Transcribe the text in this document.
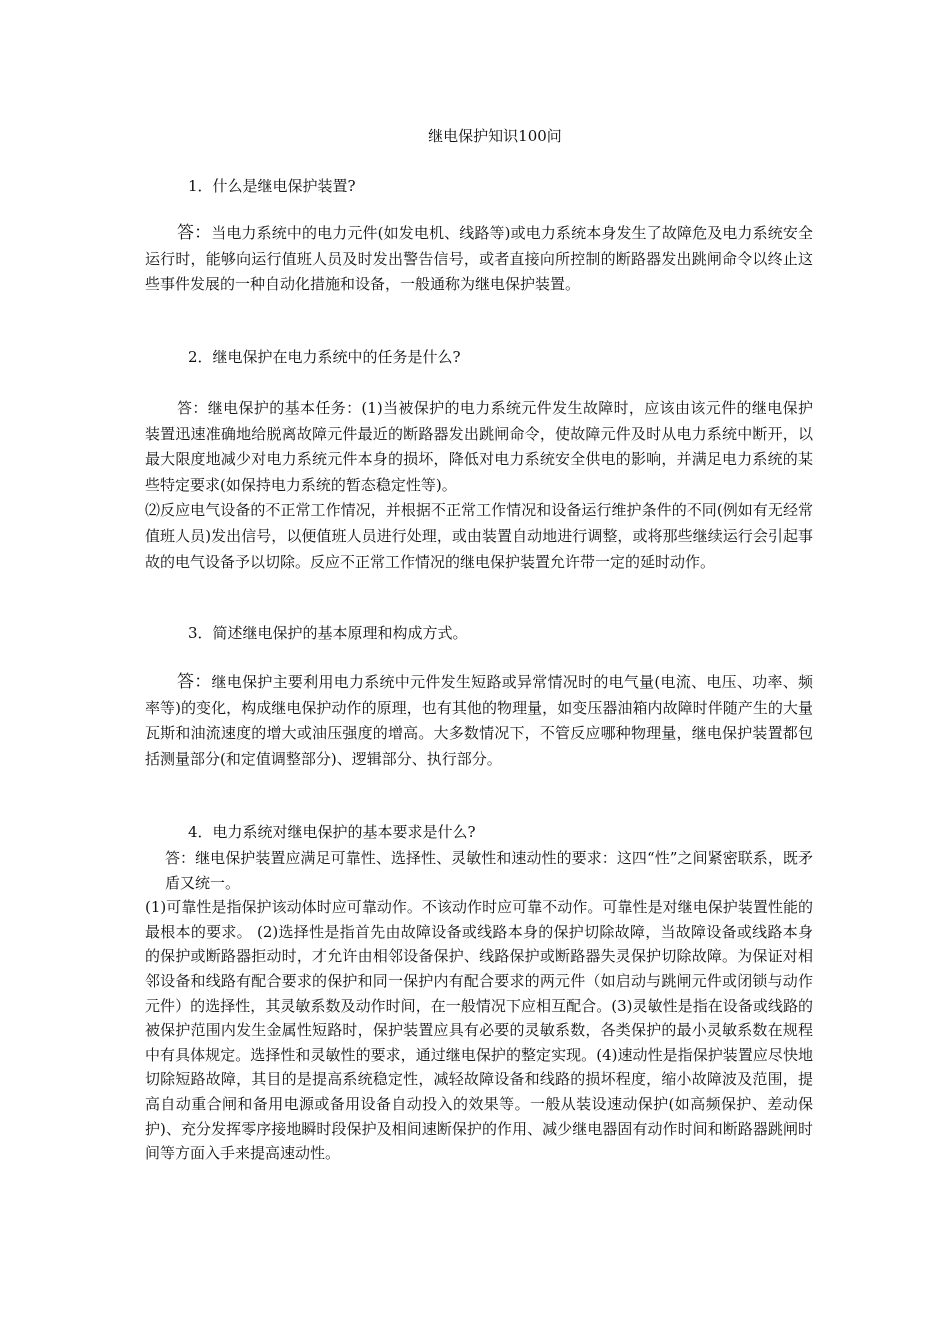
继电保护知识100问
1．什么是继电保护装置?
答：当电力系统中的电力元件(如发电机、线路等)或电力系统本身发生了故障危及电力系统安全运行时，能够向运行值班人员及时发出警告信号，或者直接向所控制的断路器发出跳闸命令以终止这些事件发展的一种自动化措施和设备，一般通称为继电保护装置。
2．继电保护在电力系统中的任务是什么?
答：继电保护的基本任务：(1)当被保护的电力系统元件发生故障时，应该由该元件的继电保护装置迅速准确地给脱离故障元件最近的断路器发出跳闸命令，使故障元件及时从电力系统中断开，以最大限度地减少对电力系统元件本身的损坏，降低对电力系统安全供电的影响，并满足电力系统的某些特定要求(如保持电力系统的暂态稳定性等)。
⑵反应电气设备的不正常工作情况，并根据不正常工作情况和设备运行维护条件的不同(例如有无经常值班人员)发出信号，以便值班人员进行处理，或由装置自动地进行调整，或将那些继续运行会引起事故的电气设备予以切除。反应不正常工作情况的继电保护装置允许带一定的延时动作。
3．简述继电保护的基本原理和构成方式。
答：继电保护主要利用电力系统中元件发生短路或异常情况时的电气量(电流、电压、功率、频率等)的变化，构成继电保护动作的原理，也有其他的物理量，如变压器油箱内故障时伴随产生的大量瓦斯和油流速度的增大或油压强度的增高。大多数情况下，不管反应哪种物理量，继电保护装置都包括测量部分(和定值调整部分)、逻辑部分、执行部分。
4．电力系统对继电保护的基本要求是什么?

答：继电保护装置应满足可靠性、选择性、灵敏性和速动性的要求：这四“性”之间紧密联系，既矛盾又统一。

(1)可靠性是指保护该动体时应可靠动作。不该动作时应可靠不动作。可靠性是对继电保护装置性能的最根本的要求。 (2)选择性是指首先由故障设备或线路本身的保护切除故障，当故障设备或线路本身的保护或断路器拒动时，才允许由相邻设备保护、线路保护或断路器失灵保护切除故障。为保证对相邻设备和线路有配合要求的保护和同一保护内有配合要求的两元件（如启动与跳闸元件或闭锁与动作元件）的选择性，其灵敏系数及动作时间，在一般情况下应相互配合。(3)灵敏性是指在设备或线路的被保护范围内发生金属性短路时，保护装置应具有必要的灵敏系数，各类保护的最小灵敏系数在规程中有具体规定。选择性和灵敏性的要求，通过继电保护的整定实现。(4)速动性是指保护装置应尽快地切除短路故障，其目的是提高系统稳定性，减轻故障设备和线路的损坏程度，缩小故障波及范围，提高自动重合闸和备用电源或备用设备自动投入的效果等。一般从装设速动保护(如高频保护、差动保护)、充分发挥零序接地瞬时段保护及相间速断保护的作用、减少继电器固有动作时间和断路器跳闸时间等方面入手来提高速动性。
